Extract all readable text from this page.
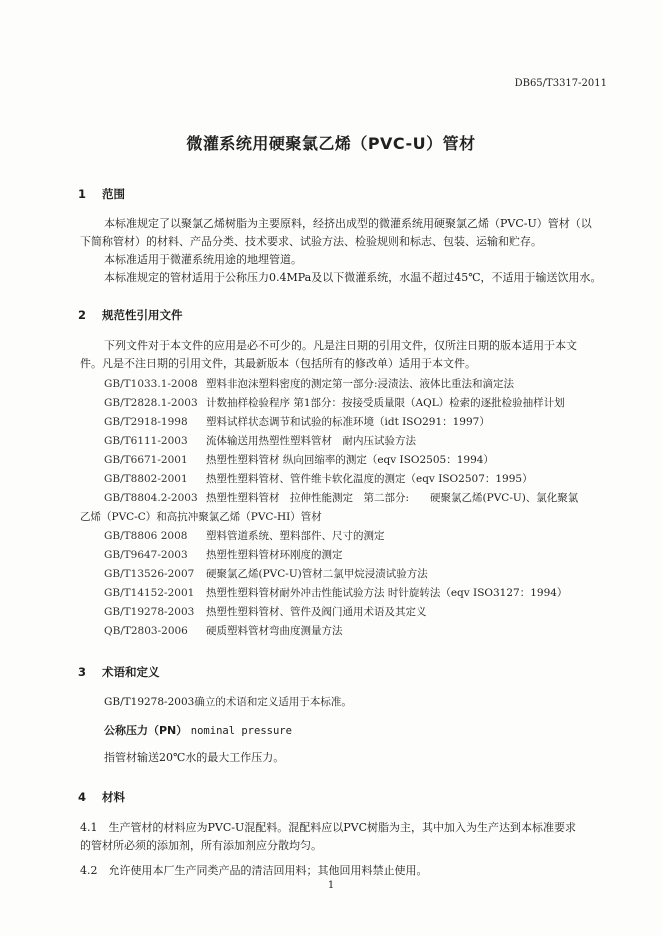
DB65/T3317-2011
微灌系统用硬聚氯乙烯（PVC-U）管材
1 范围
本标准规定了以聚氯乙烯树脂为主要原料，经挤出成型的微灌系统用硬聚氯乙烯（PVC-U）管材（以
下简称管材）的材料、产品分类、技术要求、试验方法、检验规则和标志、包装、运输和贮存。
本标准适用于微灌系统用途的地埋管道。
本标准规定的管材适用于公称压力0.4MPa及以下微灌系统，水温不超过45℃，不适用于输送饮用水。
2 规范性引用文件
下列文件对于本文件的应用是必不可少的。凡是注日期的引用文件，仅所注日期的版本适用于本文
件。凡是不注日期的引用文件，其最新版本（包括所有的修改单）适用于本文件。
GB/T1033.1-2008 塑料非泡沫塑料密度的测定第一部分:浸渍法、液体比重法和滴定法
GB/T2828.1-2003 计数抽样检验程序 第1部分：按接受质量限（AQL）检索的逐批检验抽样计划
GB/T2918-1998 塑料试样状态调节和试验的标准环境（idt ISO291：1997）
GB/T6111-2003 流体输送用热塑性塑料管材　耐内压试验方法
GB/T6671-2001 热塑性塑料管材 纵向回缩率的测定（eqv ISO2505：1994）
GB/T8802-2001 热塑性塑料管材、管件维卡软化温度的测定（eqv ISO2507：1995）
GB/T8804.2-2003 热塑性塑料管材　拉伸性能测定　第二部分:　　硬聚氯乙烯(PVC-U)、氯化聚氯
乙烯（PVC-C）和高抗冲聚氯乙烯（PVC-HI）管材
GB/T8806 2008 塑料管道系统、塑料部件、尺寸的测定
GB/T9647-2003 热塑性塑料管材环刚度的测定
GB/T13526-2007 硬聚氯乙烯(PVC-U)管材二氯甲烷浸渍试验方法
GB/T14152-2001 热塑性塑料管材耐外冲击性能试验方法 时针旋转法（eqv ISO3127：1994）
GB/T19278-2003 热塑性塑料管材、管件及阀门通用术语及其定义
QB/T2803-2006 硬质塑料管材弯曲度测量方法
3 术语和定义
GB/T19278-2003确立的术语和定义适用于本标准。
公称压力（PN） nominal pressure
指管材输送20℃水的最大工作压力。
4 材料
4.1　生产管材的材料应为PVC-U混配料。混配料应以PVC树脂为主，其中加入为生产达到本标准要求
的管材所必须的添加剂，所有添加剂应分散均匀。
4.2　允许使用本厂生产同类产品的清洁回用料；其他回用料禁止使用。
1
